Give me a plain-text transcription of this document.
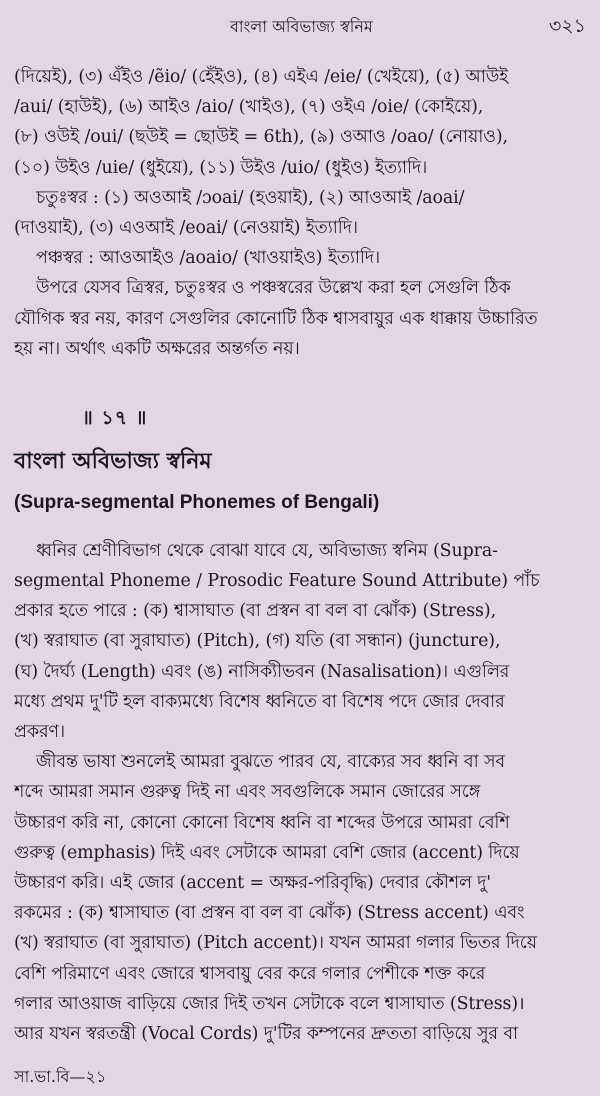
বাংলা অবিভাজ্য স্বনিম	৩২১
(দিয়েই), (৩) এঁইও /ẽio/ (হেঁইও), (৪) এইএ /eie/ (খেইয়ে), (৫) আউই
/aui/ (হাউই), (৬) আইও /aio/ (খাইও), (৭) ওইএ /oie/ (কোইয়ে),
(৮) ওউই /oui/ (ছউই = ছোউই = 6th), (৯) ওআও /oao/ (নোয়াও),
(১০) উইও /uie/ (ধুইয়ে), (১১) উইও /uio/ (ধুইও) ইত্যাদি।
চতুঃস্বর : (১) অওআই /ɔoai/ (হওয়াই), (২) আওআই /aoai/
(দাওয়াই), (৩) এওআই /eoai/ (নেওয়াই) ইত্যাদি।
পঞ্চস্বর : আওআইও /aoaio/ (খাওয়াইও) ইত্যাদি।
উপরে যেসব ত্রিস্বর, চতুঃস্বর ও পঞ্চস্বরের উল্লেখ করা হল সেগুলি ঠিক
যৌগিক স্বর নয়, কারণ সেগুলির কোনোটি ঠিক শ্বাসবায়ুর এক ধাক্কায় উচ্চারিত
হয় না। অর্থাৎ একটি অক্ষরের অন্তর্গত নয়।
॥ ১৭ ॥
বাংলা অবিভাজ্য স্বনিম
(Supra-segmental Phonemes of Bengali)
ধ্বনির শ্রেণীবিভাগ থেকে বোঝা যাবে যে, অবিভাজ্য স্বনিম (Supra-
segmental Phoneme / Prosodic Feature Sound Attribute) পাঁচ
প্রকার হতে পারে : (ক) শ্বাসাঘাত (বা প্রস্বন বা বল বা ঝোঁক) (Stress),
(খ) স্বরাঘাত (বা সুরাঘাত) (Pitch), (গ) যতি (বা সন্ধান) (juncture),
(ঘ) দৈর্ঘ্য (Length) এবং (ঙ) নাসিক্যীভবন (Nasalisation)। এগুলির
মধ্যে প্রথম দু'টি হল বাক্যমধ্যে বিশেষ ধ্বনিতে বা বিশেষ পদে জোর দেবার
প্রকরণ।
জীবন্ত ভাষা শুনলেই আমরা বুঝতে পারব যে, বাক্যের সব ধ্বনি বা সব
শব্দে আমরা সমান গুরুত্ব দিই না এবং সবগুলিকে সমান জোরের সঙ্গে
উচ্চারণ করি না, কোনো কোনো বিশেষ ধ্বনি বা শব্দের উপরে আমরা বেশি
গুরুত্ব (emphasis) দিই এবং সেটাকে আমরা বেশি জোর (accent) দিয়ে
উচ্চারণ করি। এই জোর (accent = অক্ষর-পরিবৃদ্ধি) দেবার কৌশল দু'
রকমের : (ক) শ্বাসাঘাত (বা প্রস্বন বা বল বা ঝোঁক) (Stress accent) এবং
(খ) স্বরাঘাত (বা সুরাঘাত) (Pitch accent)। যখন আমরা গলার ভিতর দিয়ে
বেশি পরিমাণে এবং জোরে শ্বাসবায়ু বের করে গলার পেশীকে শক্ত করে
গলার আওয়াজ বাড়িয়ে জোর দিই তখন সেটাকে বলে শ্বাসাঘাত (Stress)।
আর যখন স্বরতন্ত্রী (Vocal Cords) দু'টির কম্পনের দ্রুততা বাড়িয়ে সুর বা
সা.ভা.বি—২১
